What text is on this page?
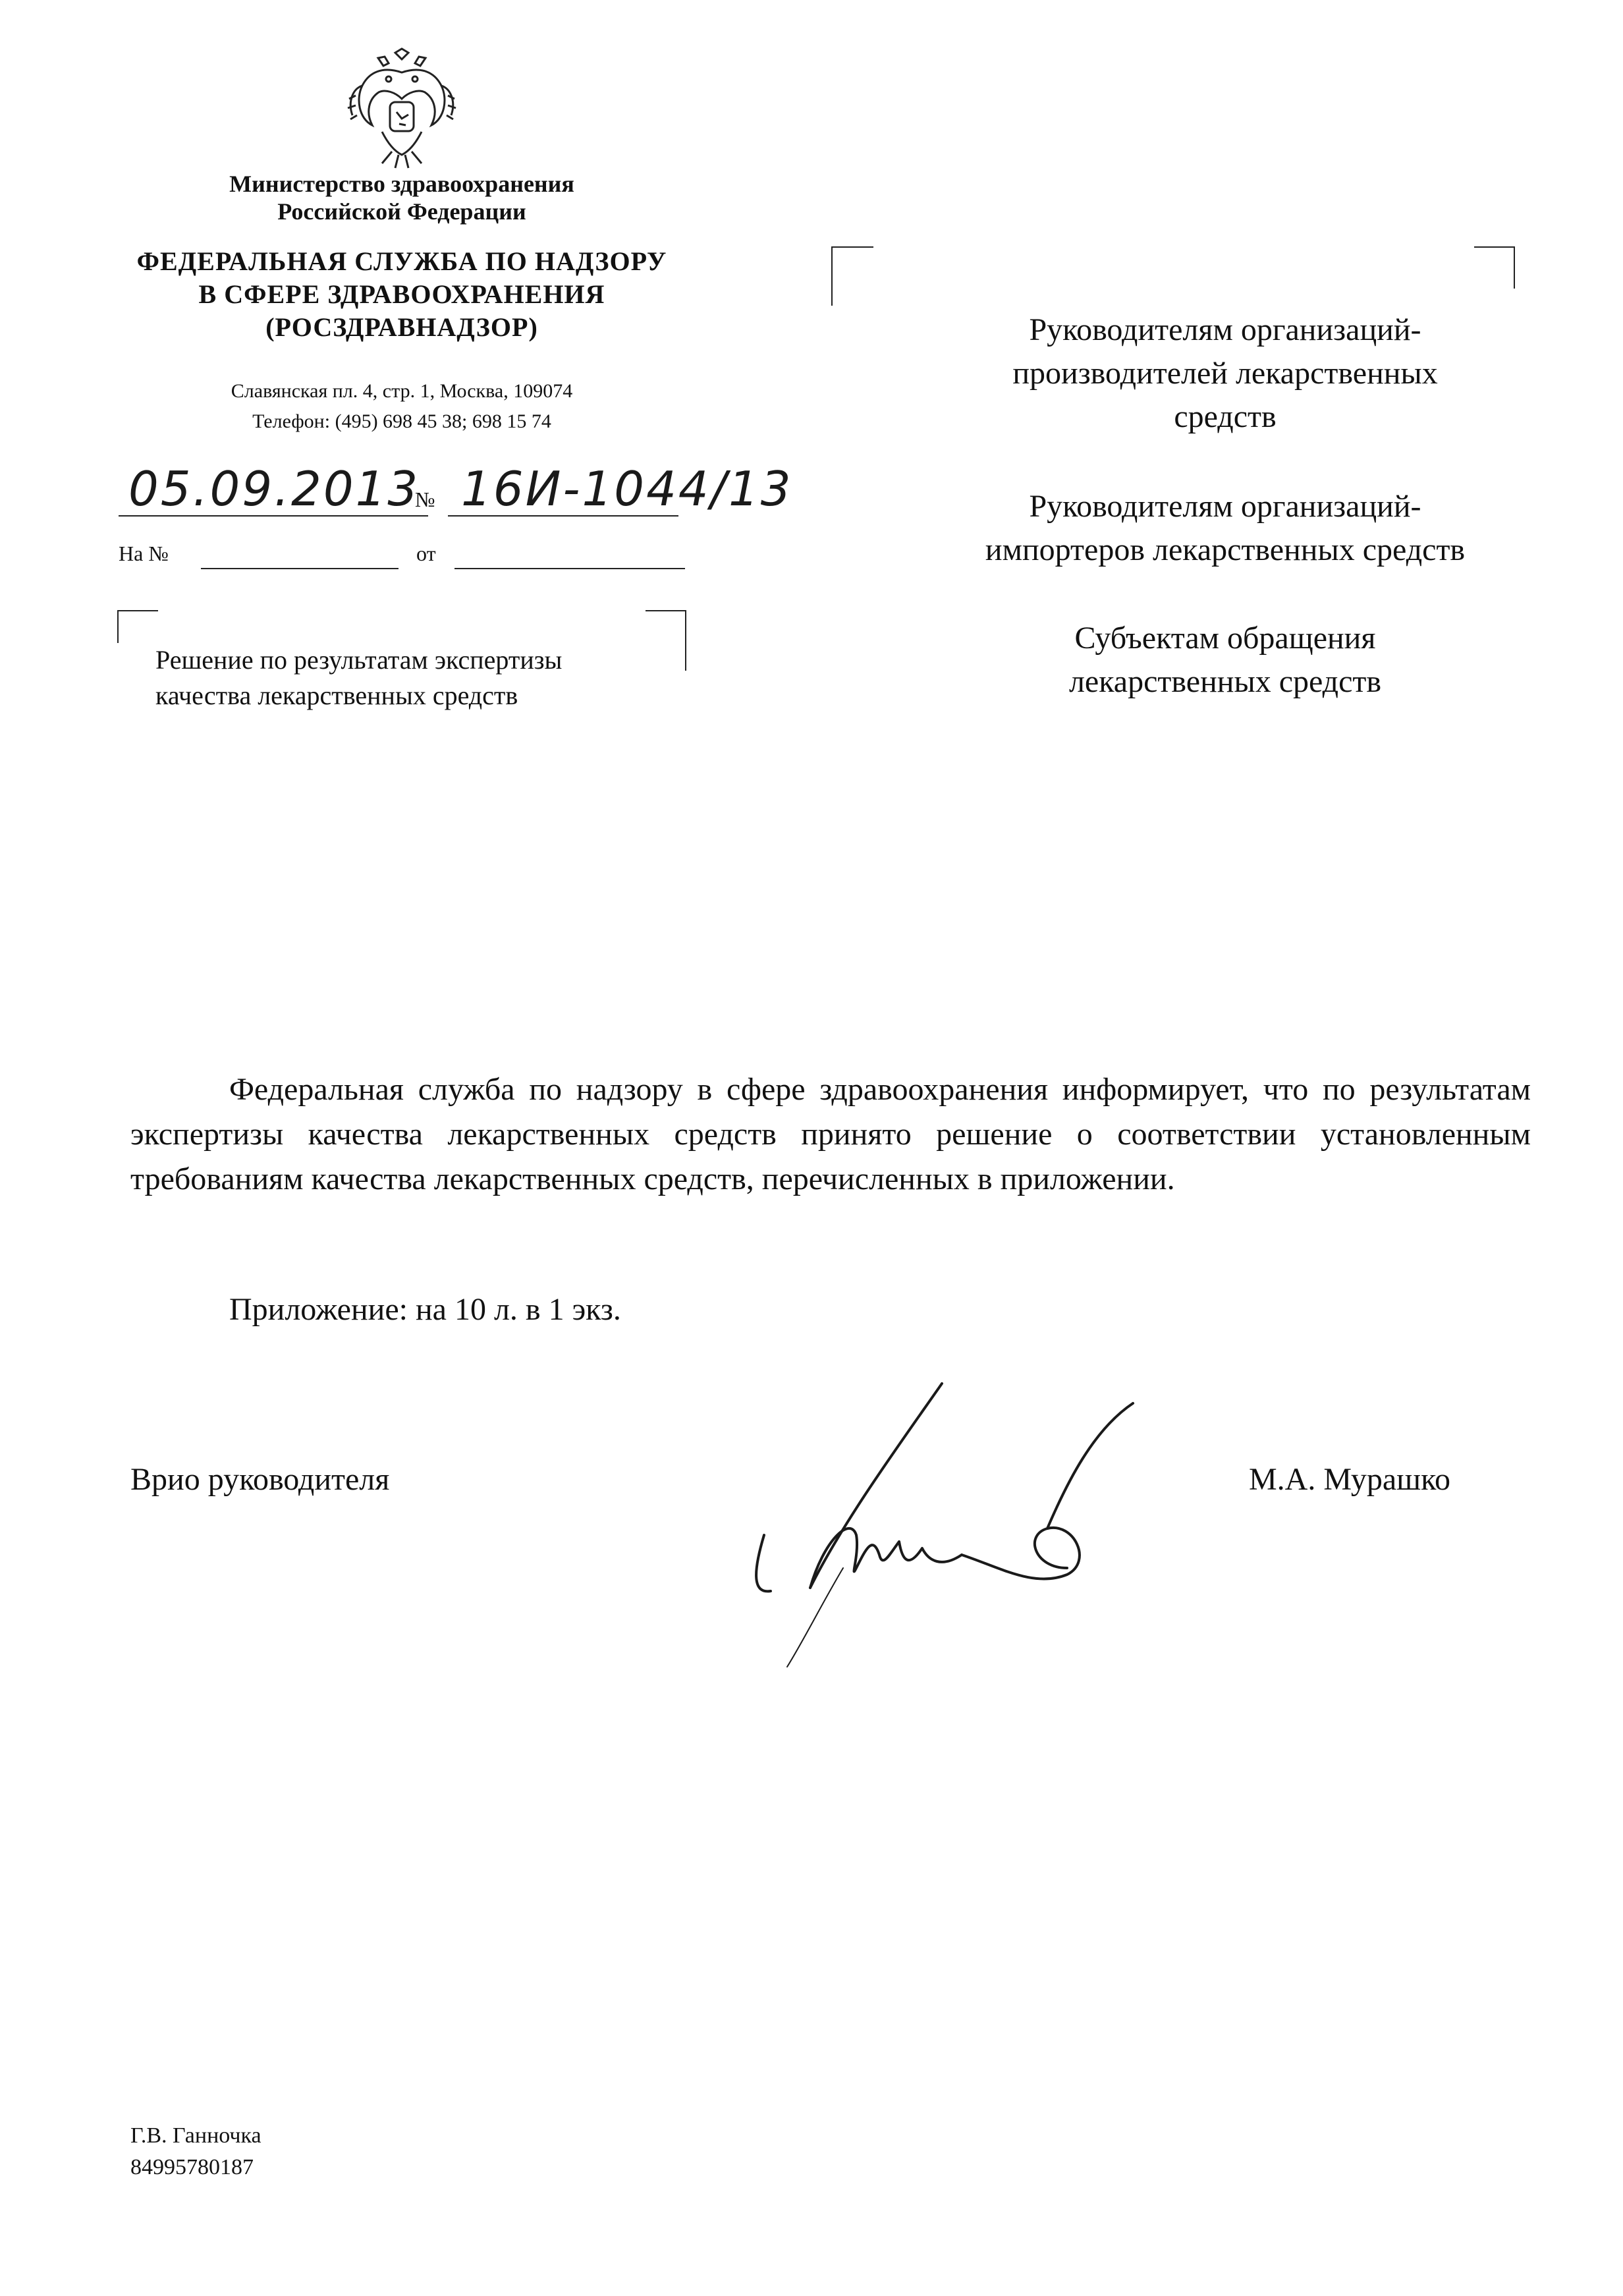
Министерство здравоохранения
Российской Федерации
ФЕДЕРАЛЬНАЯ СЛУЖБА ПО НАДЗОРУ
В СФЕРЕ ЗДРАВООХРАНЕНИЯ
(РОСЗДРАВНАДЗОР)
Славянская пл. 4, стр. 1, Москва, 109074
Телефон: (495) 698 45 38; 698 15 74
05.09.2013
№ 16И-1044/13
На №	от
Решение по результатам экспертизы
качества лекарственных средств
Руководителям организаций-
производителей лекарственных
средств
Руководителям организаций-
импортеров лекарственных средств
Субъектам обращения
лекарственных средств
Федеральная служба по надзору в сфере здравоохранения информирует, что по результатам экспертизы качества лекарственных средств принято решение о соответствии установленным требованиям качества лекарственных средств, перечисленных в приложении.
Приложение: на 10 л. в 1 экз.
Врио руководителя	М.А. Мурашко
Г.В. Ганночка
84995780187
